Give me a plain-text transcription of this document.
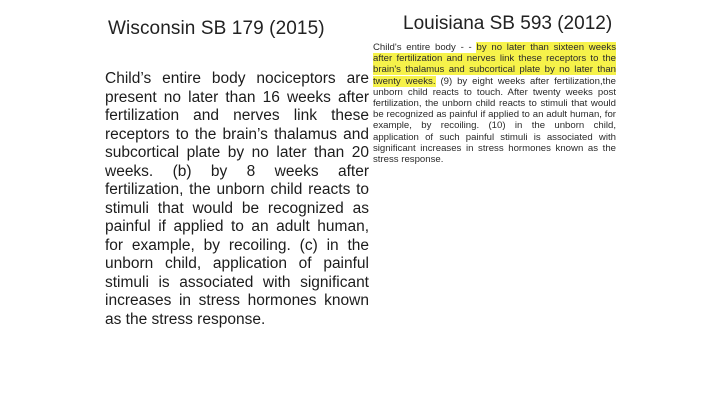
Wisconsin SB 179 (2015)

Child’s entire body nociceptors are present no later than 16 weeks after fertilization and nerves link these receptors to the brain’s thalamus and subcortical plate by no later than 20 weeks. (b) by 8 weeks after fertilization, the unborn child reacts to stimuli that would be recognized as painful if applied to an adult human, for example, by recoiling. (c) in the unborn child, application of painful stimuli is associated with significant increases in stress hormones known as the stress response.

Louisiana SB 593 (2012)

Child's entire body - - by no later than sixteen weeks after fertilization and nerves link these receptors to the brain's thalamus and subcortical plate by no later than twenty weeks. (9) by eight weeks after fertilization,the unborn child reacts to touch. After twenty weeks post fertilization, the unborn child reacts to stimuli that would be recognized as painful if applied to an adult human, for example, by recoiling. (10) in the unborn child, application of such painful stimuli is associated with significant increases in stress hormones known as the stress response.
